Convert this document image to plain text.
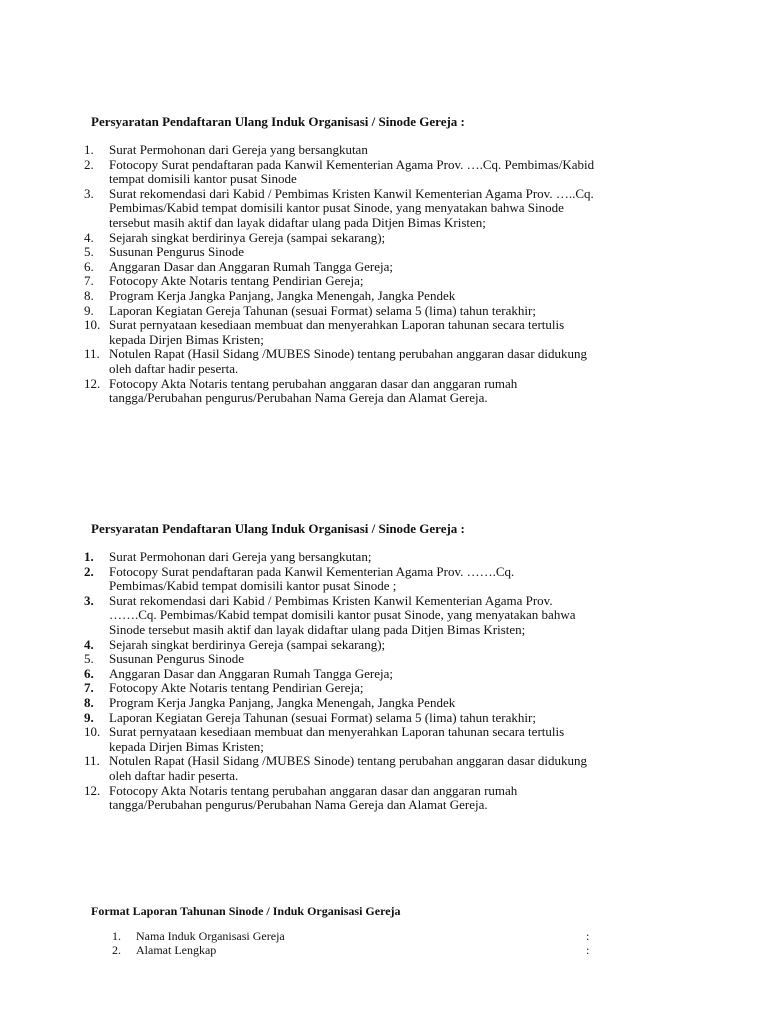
Persyaratan Pendaftaran Ulang Induk Organisasi / Sinode Gereja :
1.	Surat Permohonan dari Gereja yang bersangkutan
2.	Fotocopy Surat pendaftaran pada Kanwil Kementerian Agama Prov. ….Cq. Pembimas/Kabid
tempat domisili kantor pusat Sinode
3.	Surat rekomendasi dari Kabid / Pembimas Kristen Kanwil Kementerian Agama Prov. …..Cq.
Pembimas/Kabid tempat domisili kantor pusat Sinode, yang menyatakan bahwa Sinode
tersebut masih aktif dan layak didaftar ulang pada Ditjen Bimas Kristen;
4.	Sejarah singkat berdirinya Gereja (sampai sekarang);
5.	Susunan Pengurus Sinode
6.	Anggaran Dasar dan Anggaran Rumah Tangga Gereja;
7.	Fotocopy Akte Notaris tentang Pendirian Gereja;
8.	Program Kerja Jangka Panjang, Jangka Menengah, Jangka Pendek
9.	Laporan Kegiatan Gereja Tahunan (sesuai Format) selama 5 (lima) tahun terakhir;
10. Surat pernyataan kesediaan membuat dan menyerahkan Laporan tahunan secara tertulis
kepada Dirjen Bimas Kristen;
11. Notulen Rapat (Hasil Sidang /MUBES Sinode) tentang perubahan anggaran dasar didukung
oleh daftar hadir peserta.
12. Fotocopy Akta Notaris tentang perubahan anggaran dasar dan anggaran rumah
tangga/Perubahan pengurus/Perubahan Nama Gereja dan Alamat Gereja.
Persyaratan Pendaftaran Ulang Induk Organisasi / Sinode Gereja :
1.	Surat Permohonan dari Gereja yang bersangkutan;
2.	Fotocopy Surat pendaftaran pada Kanwil Kementerian Agama Prov. …….Cq.
Pembimas/Kabid tempat domisili kantor pusat Sinode ;
3.	Surat rekomendasi dari Kabid / Pembimas Kristen Kanwil Kementerian Agama Prov.
…….Cq. Pembimas/Kabid tempat domisili kantor pusat Sinode, yang menyatakan bahwa
Sinode tersebut masih aktif dan layak didaftar ulang pada Ditjen Bimas Kristen;
4.	Sejarah singkat berdirinya Gereja (sampai sekarang);
5.	Susunan Pengurus Sinode
6.	Anggaran Dasar dan Anggaran Rumah Tangga Gereja;
7.	Fotocopy Akte Notaris tentang Pendirian Gereja;
8.	Program Kerja Jangka Panjang, Jangka Menengah, Jangka Pendek
9.	Laporan Kegiatan Gereja Tahunan (sesuai Format) selama 5 (lima) tahun terakhir;
10. Surat pernyataan kesediaan membuat dan menyerahkan Laporan tahunan secara tertulis
kepada Dirjen Bimas Kristen;
11. Notulen Rapat (Hasil Sidang /MUBES Sinode) tentang perubahan anggaran dasar didukung
oleh daftar hadir peserta.
12. Fotocopy Akta Notaris tentang perubahan anggaran dasar dan anggaran rumah
tangga/Perubahan pengurus/Perubahan Nama Gereja dan Alamat Gereja.
Format Laporan Tahunan Sinode / Induk Organisasi Gereja
1.	Nama Induk Organisasi Gereja	:
2.	Alamat Lengkap	:
